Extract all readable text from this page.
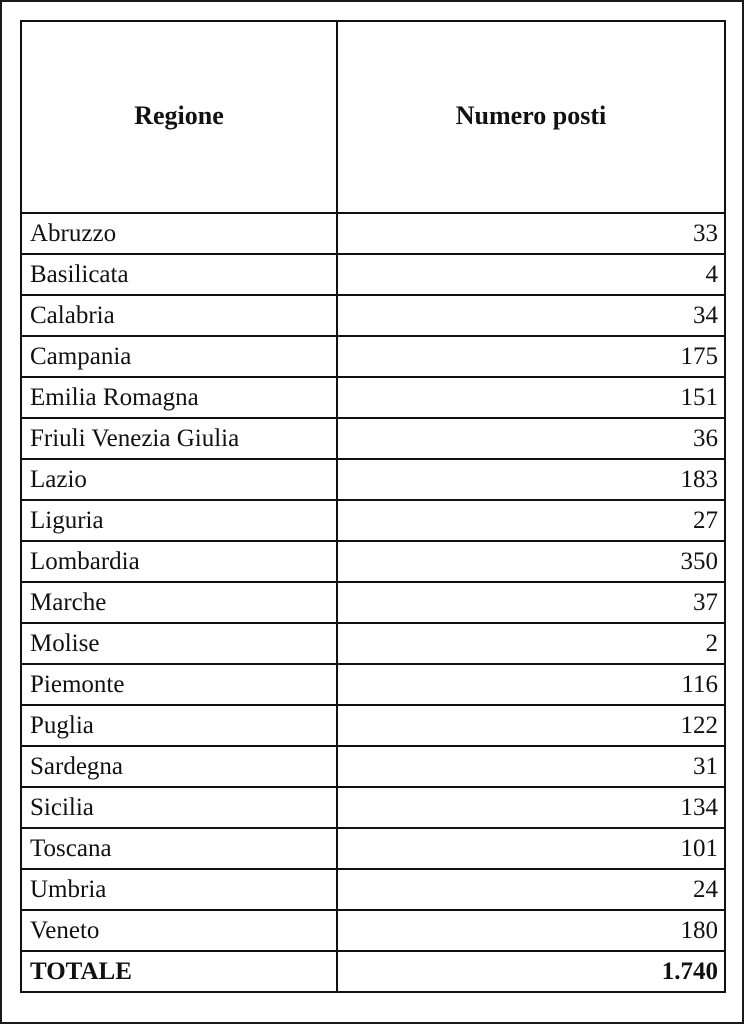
Regione	Numero posti
Abruzzo	33
Basilicata	4
Calabria	34
Campania	175
Emilia Romagna	151
Friuli Venezia Giulia	36
Lazio	183
Liguria	27
Lombardia	350
Marche	37
Molise	2
Piemonte	116
Puglia	122
Sardegna	31
Sicilia	134
Toscana	101
Umbria	24
Veneto	180
TOTALE	1.740
